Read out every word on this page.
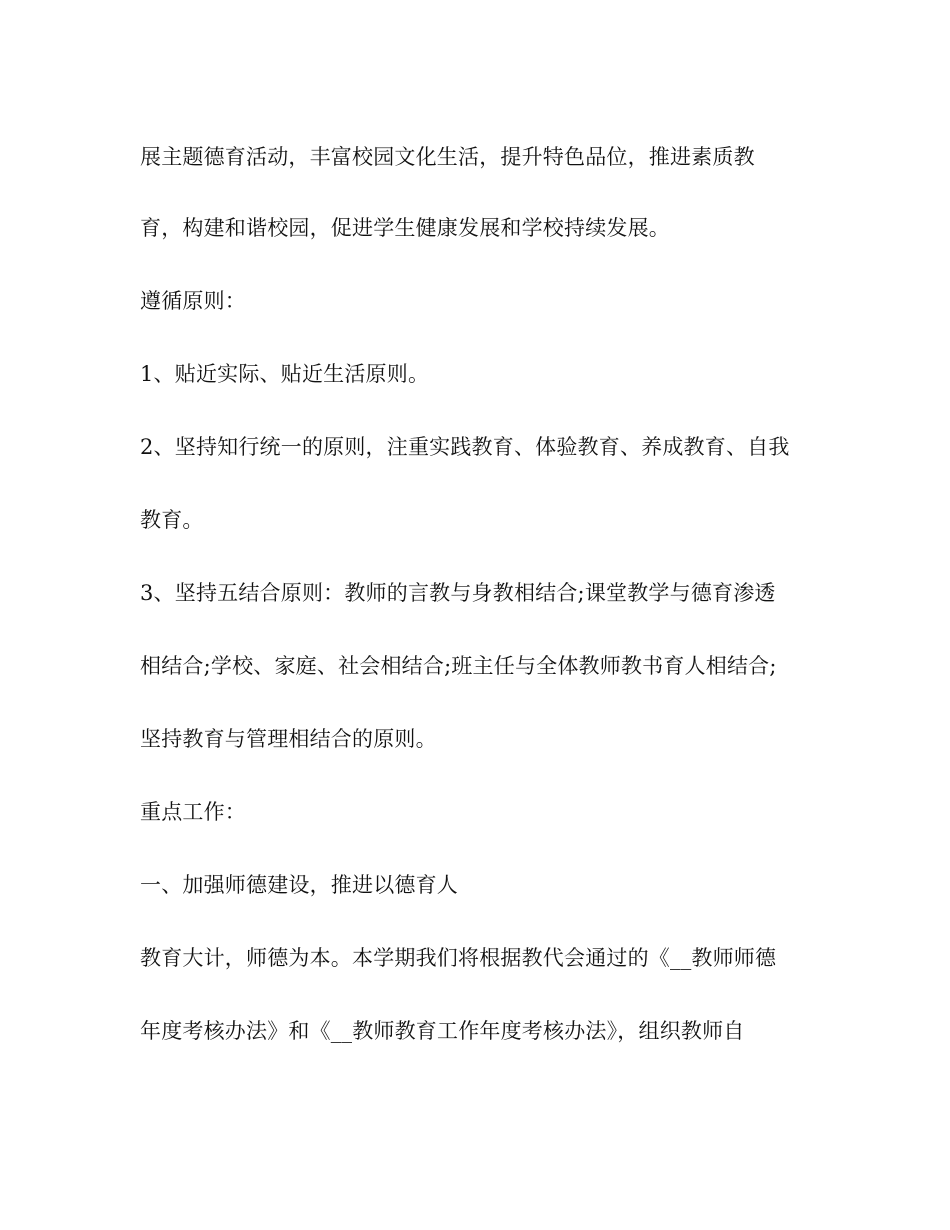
展主题德育活动，丰富校园文化生活，提升特色品位，推进素质教
育，构建和谐校园，促进学生健康发展和学校持续发展。
遵循原则：
1、贴近实际、贴近生活原则。
2、坚持知行统一的原则，注重实践教育、体验教育、养成教育、自我
教育。
3、坚持五结合原则：教师的言教与身教相结合;课堂教学与德育渗透
相结合;学校、家庭、社会相结合;班主任与全体教师教书育人相结合;
坚持教育与管理相结合的原则。
重点工作：
一、加强师德建设，推进以德育人
教育大计，师德为本。本学期我们将根据教代会通过的《__教师师德
年度考核办法》和《__教师教育工作年度考核办法》，组织教师自
